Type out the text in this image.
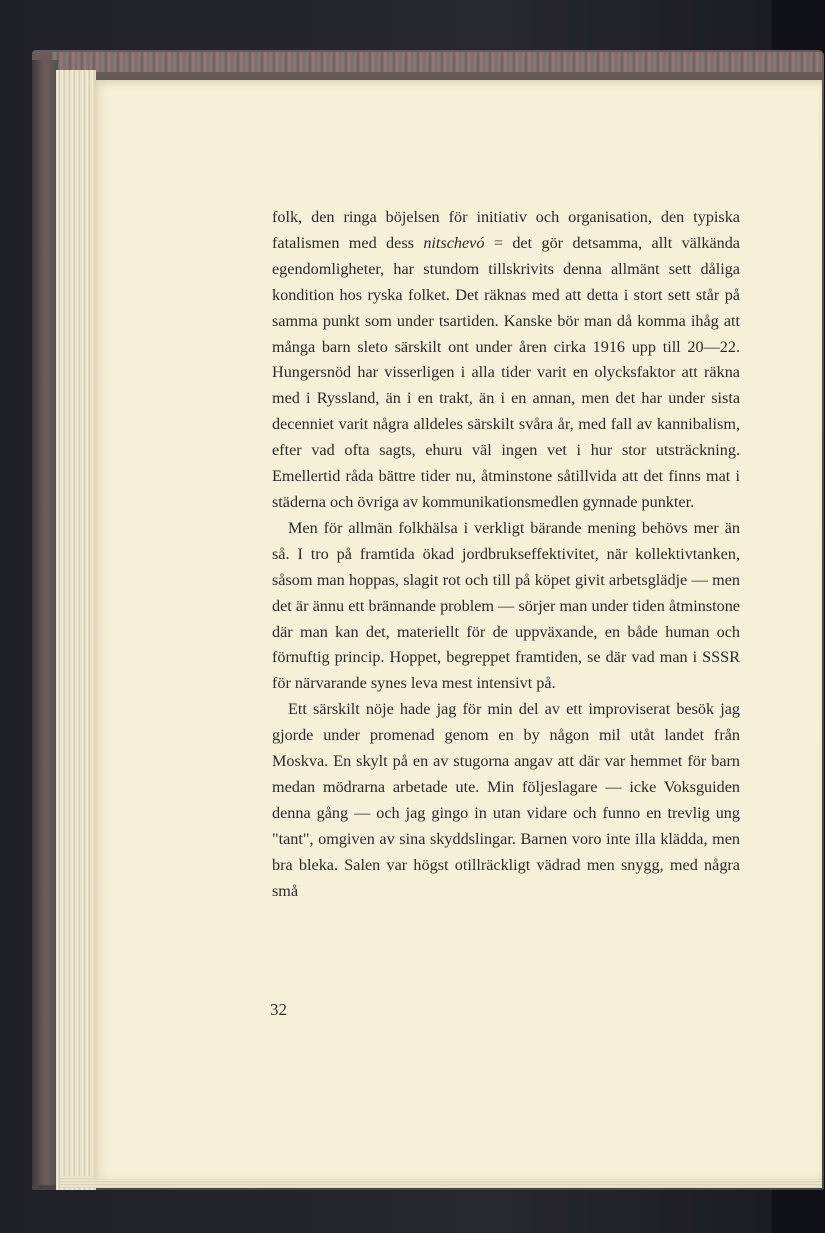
folk, den ringa böjelsen för initiativ och organisation, den typiska fatalismen med dess nitschevó = det gör detsamma, allt välkända egendomligheter, har stundom tillskrivits denna allmänt sett dåliga kondition hos ryska folket. Det räknas med att detta i stort sett står på samma punkt som under tsartiden. Kanske bör man då komma ihåg att många barn sleto särskilt ont under åren cirka 1916 upp till 20—22. Hungersnöd har visserligen i alla tider varit en olycksfaktor att räkna med i Ryssland, än i en trakt, än i en annan, men det har under sista decenniet varit några alldeles särskilt svåra år, med fall av kannibalism, efter vad ofta sagts, ehuru väl ingen vet i hur stor utsträckning. Emellertid råda bättre tider nu, åtminstone såtillvida att det finns mat i städerna och övriga av kommunikationsmedlen gynnade punkter.

Men för allmän folkhälsa i verkligt bärande mening behövs mer än så. I tro på framtida ökad jordbrukseffektivitet, när kollektivtanken, såsom man hoppas, slagit rot och till på köpet givit arbetsglädje — men det är ännu ett brännande problem — sörjer man under tiden åtminstone där man kan det, materiellt för de uppväxande, en både human och förnuftig princip. Hoppet, begreppet framtiden, se där vad man i SSSR för närvarande synes leva mest intensivt på.

Ett särskilt nöje hade jag för min del av ett improviserat besök jag gjorde under promenad genom en by någon mil utåt landet från Moskva. En skylt på en av stugorna angav att där var hemmet för barn medan mödrarna arbetade ute. Min följeslagare — icke Voksguiden denna gång — och jag gingo in utan vidare och funno en trevlig ung "tant", omgiven av sina skyddslingar. Barnen voro inte illa klädda, men bra bleka. Salen var högst otillräckligt vädrad men snygg, med några små

32
